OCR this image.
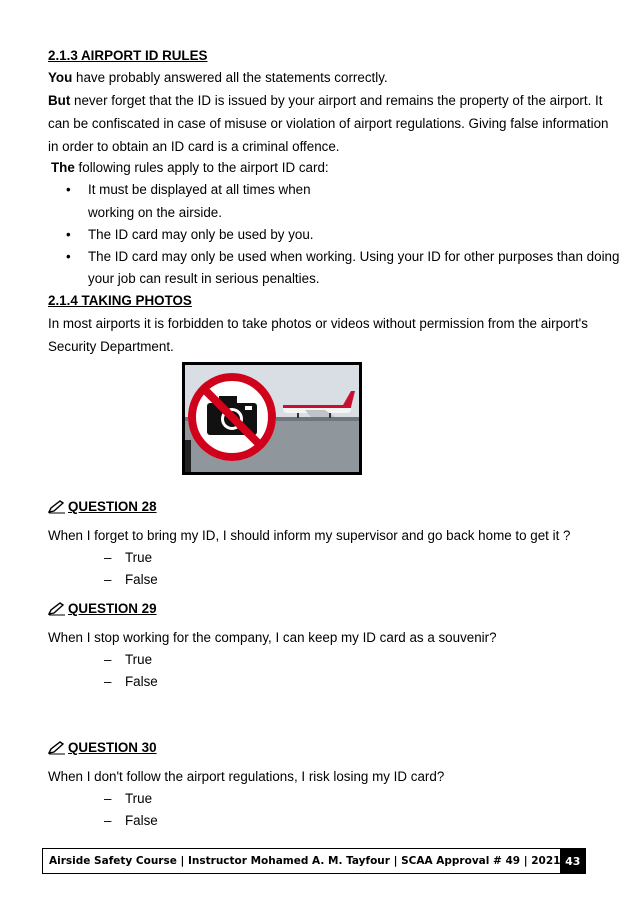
2.1.3 AIRPORT ID RULES
You have probably answered all the statements correctly.
But never forget that the ID is issued by your airport and remains the property of the airport. It
can be confiscated in case of misuse or violation of airport regulations. Giving false information
in order to obtain an ID card is a criminal offence.
The following rules apply to the airport ID card:
• It must be displayed at all times when
working on the airside.
• The ID card may only be used by you.
• The ID card may only be used when working. Using your ID for other purposes than doing
your job can result in serious penalties.
2.1.4 TAKING PHOTOS
In most airports it is forbidden to take photos or videos without permission from the airport's
Security Department.
QUESTION 28
When I forget to bring my ID, I should inform my supervisor and go back home to get it ?
– True
– False
QUESTION 29
When I stop working for the company, I can keep my ID card as a souvenir?
– True
– False
QUESTION 30
When I don't follow the airport regulations, I risk losing my ID card?
– True
– False
Airside Safety Course | Instructor Mohamed A. M. Tayfour | SCAA Approval # 49 | 2021 43
